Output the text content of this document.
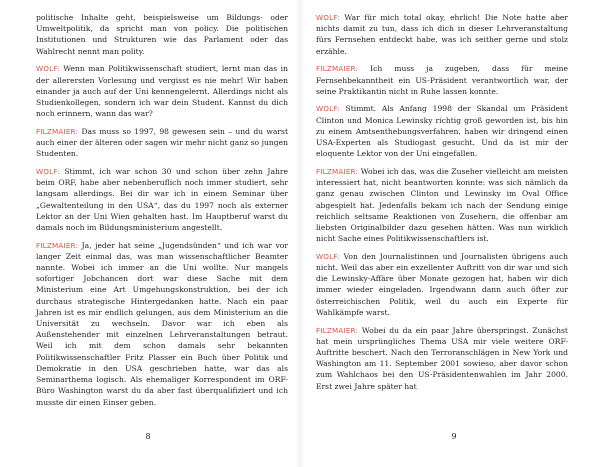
politische Inhalte geht, beispielsweise um Bildungs- oder Umweltpolitik, da spricht man von policy. Die politischen Institutionen und Strukturen wie das Parlament oder das Wahlrecht nennt man polity.

WOLF: Wenn man Politikwissenschaft studiert, lernt man das in der allerersten Vorlesung und vergisst es nie mehr! Wir haben einander ja auch auf der Uni kennengelernt. Allerdings nicht als Studienkollegen, sondern ich war dein Student. Kannst du dich noch erinnern, wann das war?

FILZMAIER: Das muss so 1997, 98 gewesen sein – und du warst auch einer der älteren oder sagen wir mehr nicht ganz so jungen Studenten.

WOLF: Stimmt, ich war schon 30 und schon über zehn Jahre beim ORF, habe aber nebenberuflich noch immer studiert, sehr langsam allerdings. Bei dir war ich in einem Seminar über „Gewaltenteilung in den USA“, das du 1997 noch als externer Lektor an der Uni Wien gehalten hast. Im Hauptberuf warst du damals noch im Bildungsministerium angestellt.

FILZMAIER: Ja, jeder hat seine „Jugendsünden“ und ich war vor langer Zeit einmal das, was man wissenschaftlicher Beamter nannte. Wobei ich immer an die Uni wollte. Nur mangels sofortiger Jobchancen dort war diese Sache mit dem Ministerium eine Art Umgehungskonstruktion, bei der ich durchaus strategische Hintergedanken hatte. Nach ein paar Jahren ist es mir endlich gelungen, aus dem Ministerium an die Universität zu wechseln. Davor war ich eben als Außenstehender mit einzelnen Lehrveranstaltungen betraut. Weil ich mit dem schon damals sehr bekannten Politikwissenschaftler Fritz Plasser ein Buch über Politik und Demokratie in den USA geschrieben hatte, war das als Seminarthema logisch. Als ehemaliger Korrespondent im ORF-Büro Washington warst du da aber fast überqualifiziert und ich musste dir einen Einser geben.

8

WOLF: War für mich total okay, ehrlich! Die Note hatte aber nichts damit zu tun, dass ich dich in dieser Lehrveranstaltung fürs Fernsehen entdeckt habe, was ich seither gerne und stolz erzähle.

FILZMAIER: Ich muss ja zugeben, dass für meine Fernsehbekanntheit ein US-Präsident verantwortlich war, der seine Praktikantin nicht in Ruhe lassen konnte.

WOLF: Stimmt. Als Anfang 1998 der Skandal um Präsident Clinton und Monica Lewinsky richtig groß geworden ist, bis hin zu einem Amtsenthebungsverfahren, haben wir dringend einen USA-Experten als Studiogast gesucht. Und da ist mir der eloquente Lektor von der Uni eingefallen.

FILZMAIER: Wobei ich das, was die Zuseher vielleicht am meisten interessiert hat, nicht beantworten konnte: was sich nämlich da ganz genau zwischen Clinton und Lewinsky im Oval Office abgespielt hat. Jedenfalls bekam ich nach der Sendung einige reichlich seltsame Reaktionen von Zusehern, die offenbar am liebsten Originalbilder dazu gesehen hätten. Was nun wirklich nicht Sache eines Politikwissenschaftlers ist.

WOLF: Von den Journalistinnen und Journalisten übrigens auch nicht. Weil das aber ein exzellenter Auftritt von dir war und sich die Lewinsky-Affäre über Monate gezogen hat, haben wir dich immer wieder eingeladen. Irgendwann dann auch öfter zur österreichischen Politik, weil du auch ein Experte für Wahlkämpfe warst.

FILZMAIER: Wobei du da ein paar Jahre überspringst. Zunächst hat mein ursprüngliches Thema USA mir viele weitere ORF-Auftritte beschert. Nach den Terroranschlägen in New York und Washington am 11. September 2001 sowieso, aber davor schon zum Wahlchaos bei den US-Präsidentenwahlen im Jahr 2000. Erst zwei Jahre später hat

9
